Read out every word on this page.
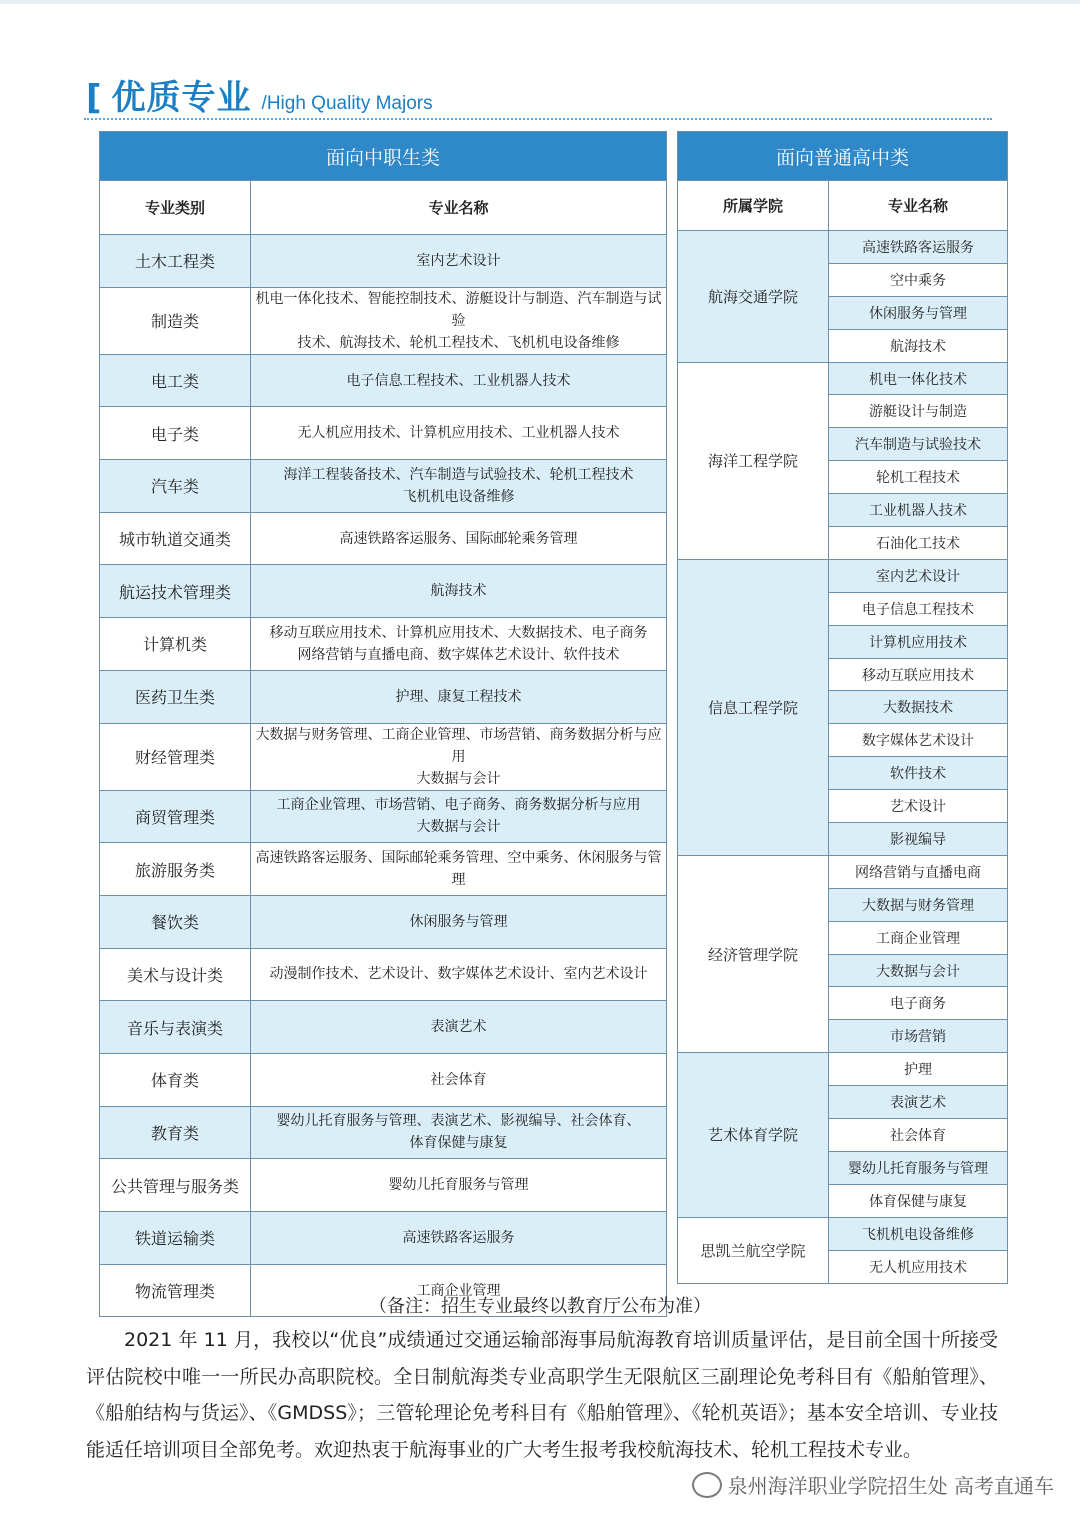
[ 优质专业 /High Quality Majors
面向中职生类	
专业类别	专业名称
土木工程类	室内艺术设计

制造类	机电一体化技术、智能控制技术、游艇设计与制造、汽车制造与试验
技术、航海技术、轮机工程技术、飞机机电设备维修

电工类	电子信息工程技术、工业机器人技术

电子类	无人机应用技术、计算机应用技术、工业机器人技术

汽车类	海洋工程装备技术、汽车制造与试验技术、轮机工程技术
飞机机电设备维修

城市轨道交通类	高速铁路客运服务、国际邮轮乘务管理

航运技术管理类	航海技术

计算机类	移动互联应用技术、计算机应用技术、大数据技术、电子商务
网络营销与直播电商、数字媒体艺术设计、软件技术

医药卫生类	护理、康复工程技术

财经管理类	大数据与财务管理、工商企业管理、市场营销、商务数据分析与应用
大数据与会计

商贸管理类	工商企业管理、市场营销、电子商务、商务数据分析与应用
大数据与会计

旅游服务类	高速铁路客运服务、国际邮轮乘务管理、空中乘务、休闲服务与管理

餐饮类	休闲服务与管理

美术与设计类	动漫制作技术、艺术设计、数字媒体艺术设计、室内艺术设计

音乐与表演类	表演艺术

体育类	社会体育

教育类	婴幼儿托育服务与管理、表演艺术、影视编导、社会体育、
体育保健与康复

公共管理与服务类	婴幼儿托育服务与管理

铁道运输类	高速铁路客运服务

物流管理类	工商企业管理
面向普通高中类	
所属学院	专业名称
航海交通学院	高速铁路客运服务
	空中乘务
	休闲服务与管理
	航海技术
海洋工程学院	机电一体化技术
	游艇设计与制造
	汽车制造与试验技术
	轮机工程技术
	工业机器人技术
	石油化工技术
信息工程学院	室内艺术设计
	电子信息工程技术
	计算机应用技术
	移动互联应用技术
	大数据技术
	数字媒体艺术设计
	软件技术
	艺术设计
	影视编导
经济管理学院	网络营销与直播电商
	大数据与财务管理
	工商企业管理
	大数据与会计
	电子商务
	市场营销
艺术体育学院	护理
	表演艺术
	社会体育
	婴幼儿托育服务与管理
	体育保健与康复
思凯兰航空学院	飞机机电设备维修
	无人机应用技术
（备注：招生专业最终以教育厅公布为准）
2021 年 11 月，我校以“优良”成绩通过交通运输部海事局航海教育培训质量评估，是目前全国十所接受评估院校中唯一一所民办高职院校。全日制航海类专业高职学生无限航区三副理论免考科目有《船舶管理》、《船舶结构与货运》、《GMDSS》；三管轮理论免考科目有《船舶管理》、《轮机英语》；基本安全培训、专业技能适任培训项目全部免考。欢迎热衷于航海事业的广大考生报考我校航海技术、轮机工程技术专业。
泉州海洋职业学院招生处 高考直通车
